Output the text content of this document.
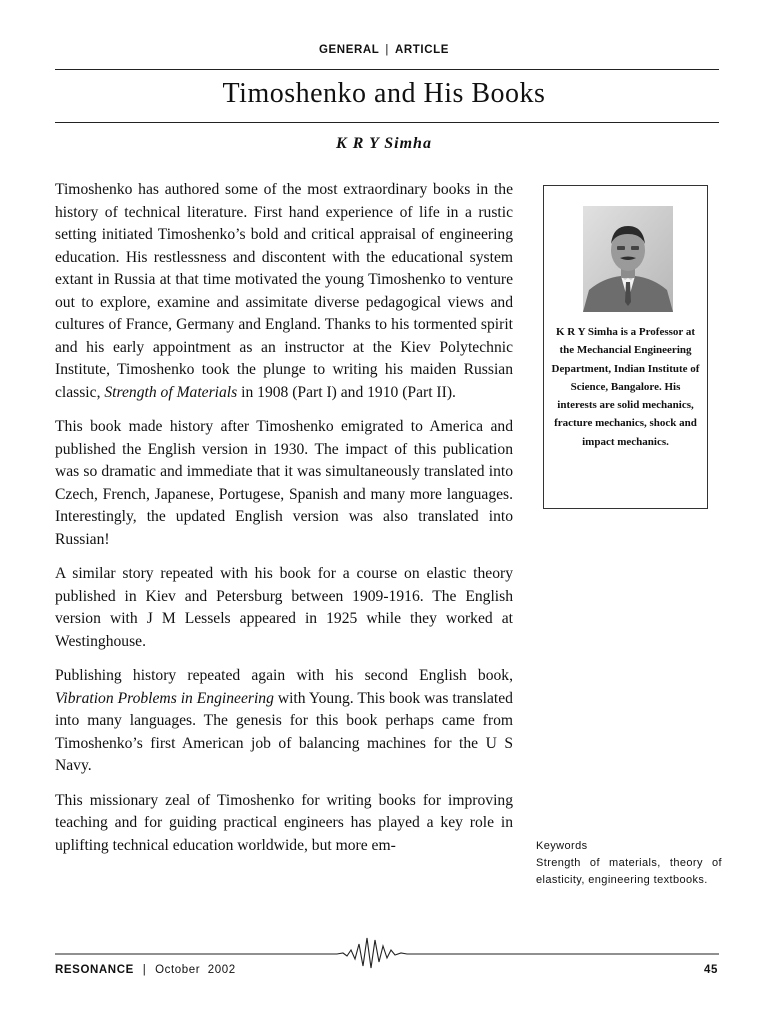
GENERAL | ARTICLE
Timoshenko and His Books
K R Y Simha

Timoshenko has authored some of the most extraordinary books in the history of technical literature. First hand experience of life in a rustic setting initiated Timoshenko’s bold and critical appraisal of engineering education. His restlessness and discontent with the educational system extant in Russia at that time motivated the young Timoshenko to venture out to explore, examine and assimitate diverse pedagogical views and cultures of France, Germany and England. Thanks to his tormented spirit and his early appointment as an instructor at the Kiev Polytechnic Institute, Timoshenko took the plunge to writing his maiden Russian classic, Strength of Materials in 1908 (Part I) and 1910 (Part II).

This book made history after Timoshenko emigrated to America and published the English version in 1930. The impact of this publication was so dramatic and immediate that it was simultaneously translated into Czech, French, Japanese, Portugese, Spanish and many more languages. Interestingly, the updated English version was also translated into Russian!

A similar story repeated with his book for a course on elastic theory published in Kiev and Petersburg between 1909-1916. The English version with J M Lessels appeared in 1925 while they worked at Westinghouse.

Publishing history repeated again with his second English book, Vibration Problems in Engineering with Young. This book was translated into many languages. The genesis for this book perhaps came from Timoshenko’s first American job of balancing machines for the U S Navy.

This missionary zeal of Timoshenko for writing books for improving teaching and for guiding practical engineers has played a key role in uplifting technical education worldwide, but more em-

K R Y Simha is a Professor at the Mechancial Engineering Department, Indian Institute of Science, Bangalore. His interests are solid mechanics, fracture mechanics, shock and impact mechanics.
Keywords
Strength of materials, theory of elasticity, engineering textbooks.
RESONANCE | October  2002	45
